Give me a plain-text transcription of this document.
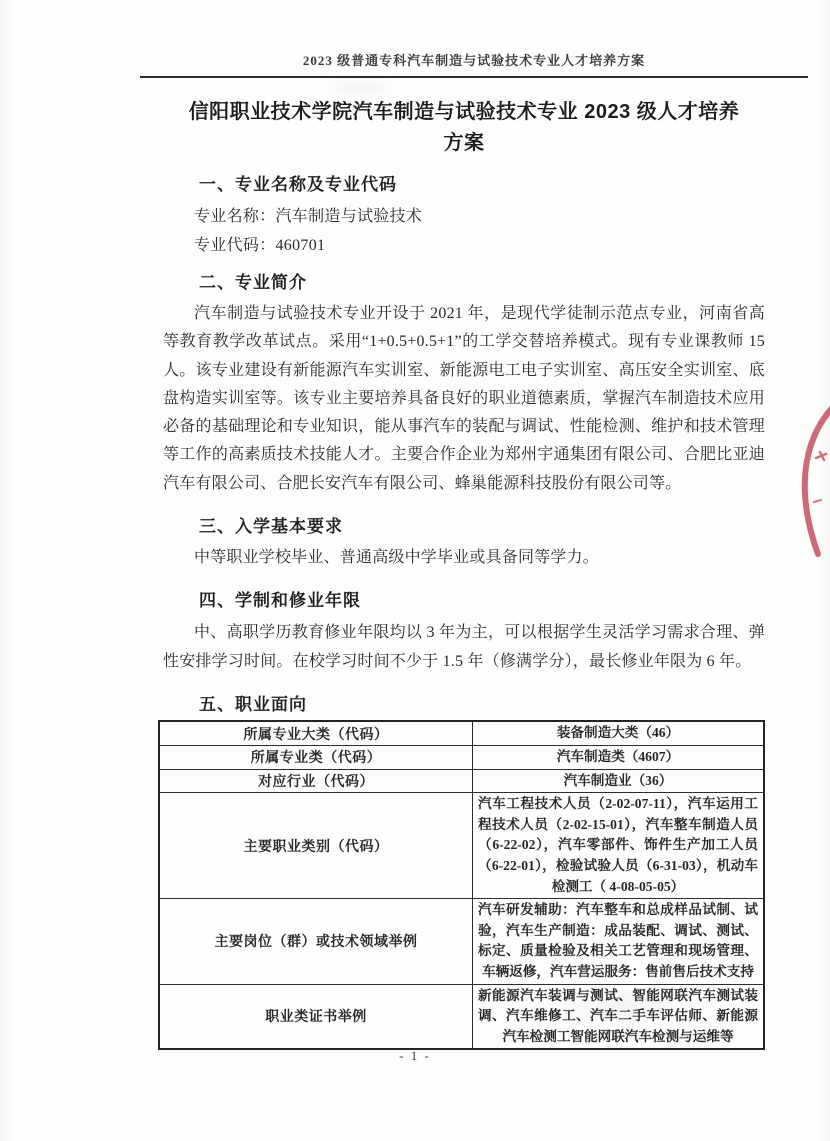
2023 级普通专科汽车制造与试验技术专业人才培养方案
信阳职业技术学院汽车制造与试验技术专业 2023 级人才培养方案
一、专业名称及专业代码
专业名称：汽车制造与试验技术
专业代码：460701
二、专业简介

汽车制造与试验技术专业开设于 2021 年，是现代学徒制示范点专业，河南省高等教育教学改革试点。采用“1+0.5+0.5+1”的工学交替培养模式。现有专业课教师 15 人。该专业建设有新能源汽车实训室、新能源电工电子实训室、高压安全实训室、底盘构造实训室等。该专业主要培养具备良好的职业道德素质，掌握汽车制造技术应用必备的基础理论和专业知识，能从事汽车的装配与调试、性能检测、维护和技术管理等工作的高素质技术技能人才。主要合作企业为郑州宇通集团有限公司、合肥比亚迪汽车有限公司、合肥长安汽车有限公司、蜂巢能源科技股份有限公司等。

三、入学基本要求

中等职业学校毕业、普通高级中学毕业或具备同等学力。

四、学制和修业年限

中、高职学历教育修业年限均以 3 年为主，可以根据学生灵活学习需求合理、弹性安排学习时间。在校学习时间不少于 1.5 年（修满学分），最长修业年限为 6 年。

五、职业面向
所属专业大类（代码）	装备制造大类（46）
所属专业类（代码）	汽车制造类（4607）
对应行业（代码）	汽车制造业（36）
主要职业类别（代码）	汽车工程技术人员（2-02-07-11），汽车运用工程技术人员（2-02-15-01），汽车整车制造人员（6-22-02），汽车零部件、饰件生产加工人员（6-22-01），检验试验人员（6-31-03），机动车检测工（ 4-08-05-05）
主要岗位（群）或技术领域举例	汽车研发辅助：汽车整车和总成样品试制、试验，汽车生产制造：成品装配、调试、测试、标定、质量检验及相关工艺管理和现场管理、车辆返修，汽车营运服务：售前售后技术支持
职业类证书举例	新能源汽车装调与测试、智能网联汽车测试装调、汽车维修工、汽车二手车评估师、新能源汽车检测工智能网联汽车检测与运维等
- 1 -
